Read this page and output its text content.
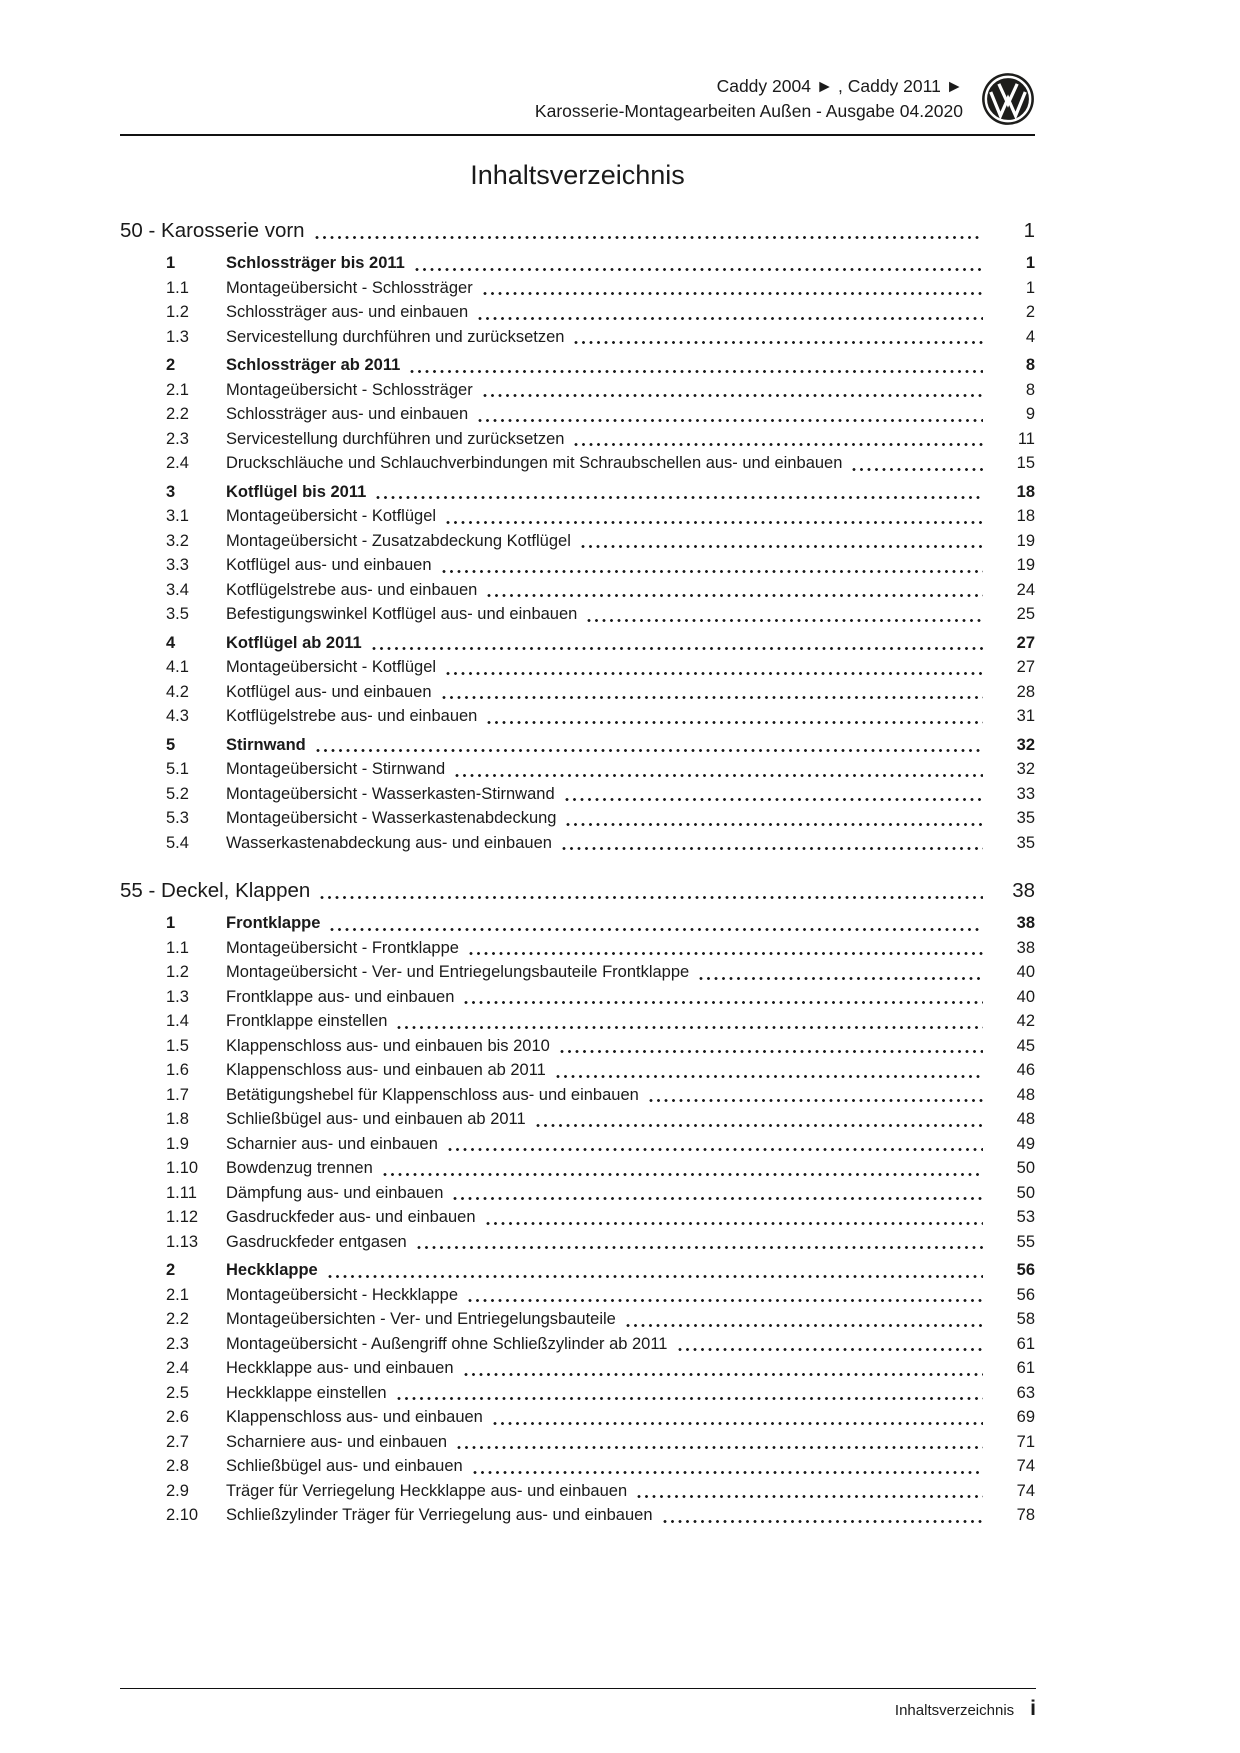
Caddy 2004 ► , Caddy 2011 ►
Karosserie-Montagearbeiten Außen - Ausgabe 04.2020
Inhaltsverzeichnis
50 - Karosserie vorn	1
1	Schlossträger bis 2011	1
1.1	Montageübersicht - Schlossträger	1
1.2	Schlossträger aus- und einbauen	2
1.3	Servicestellung durchführen und zurücksetzen	4
2	Schlossträger ab 2011	8
2.1	Montageübersicht - Schlossträger	8
2.2	Schlossträger aus- und einbauen	9
2.3	Servicestellung durchführen und zurücksetzen	11
2.4	Druckschläuche und Schlauchverbindungen mit Schraubschellen aus- und einbauen	15
3	Kotflügel bis 2011	18
3.1	Montageübersicht - Kotflügel	18
3.2	Montageübersicht - Zusatzabdeckung Kotflügel	19
3.3	Kotflügel aus- und einbauen	19
3.4	Kotflügelstrebe aus- und einbauen	24
3.5	Befestigungswinkel Kotflügel aus- und einbauen	25
4	Kotflügel ab 2011	27
4.1	Montageübersicht - Kotflügel	27
4.2	Kotflügel aus- und einbauen	28
4.3	Kotflügelstrebe aus- und einbauen	31
5	Stirnwand	32
5.1	Montageübersicht - Stirnwand	32
5.2	Montageübersicht - Wasserkasten-Stirnwand	33
5.3	Montageübersicht - Wasserkastenabdeckung	35
5.4	Wasserkastenabdeckung aus- und einbauen	35
55 - Deckel, Klappen	38
1	Frontklappe	38
1.1	Montageübersicht - Frontklappe	38
1.2	Montageübersicht - Ver- und Entriegelungsbauteile Frontklappe	40
1.3	Frontklappe aus- und einbauen	40
1.4	Frontklappe einstellen	42
1.5	Klappenschloss aus- und einbauen bis 2010	45
1.6	Klappenschloss aus- und einbauen ab 2011	46
1.7	Betätigungshebel für Klappenschloss aus- und einbauen	48
1.8	Schließbügel aus- und einbauen ab 2011	48
1.9	Scharnier aus- und einbauen	49
1.10	Bowdenzug trennen	50
1.11	Dämpfung aus- und einbauen	50
1.12	Gasdruckfeder aus- und einbauen	53
1.13	Gasdruckfeder entgasen	55
2	Heckklappe	56
2.1	Montageübersicht - Heckklappe	56
2.2	Montageübersichten - Ver- und Entriegelungsbauteile	58
2.3	Montageübersicht - Außengriff ohne Schließzylinder ab 2011	61
2.4	Heckklappe aus- und einbauen	61
2.5	Heckklappe einstellen	63
2.6	Klappenschloss aus- und einbauen	69
2.7	Scharniere aus- und einbauen	71
2.8	Schließbügel aus- und einbauen	74
2.9	Träger für Verriegelung Heckklappe aus- und einbauen	74
2.10	Schließzylinder Träger für Verriegelung aus- und einbauen	78
Inhaltsverzeichnis i
